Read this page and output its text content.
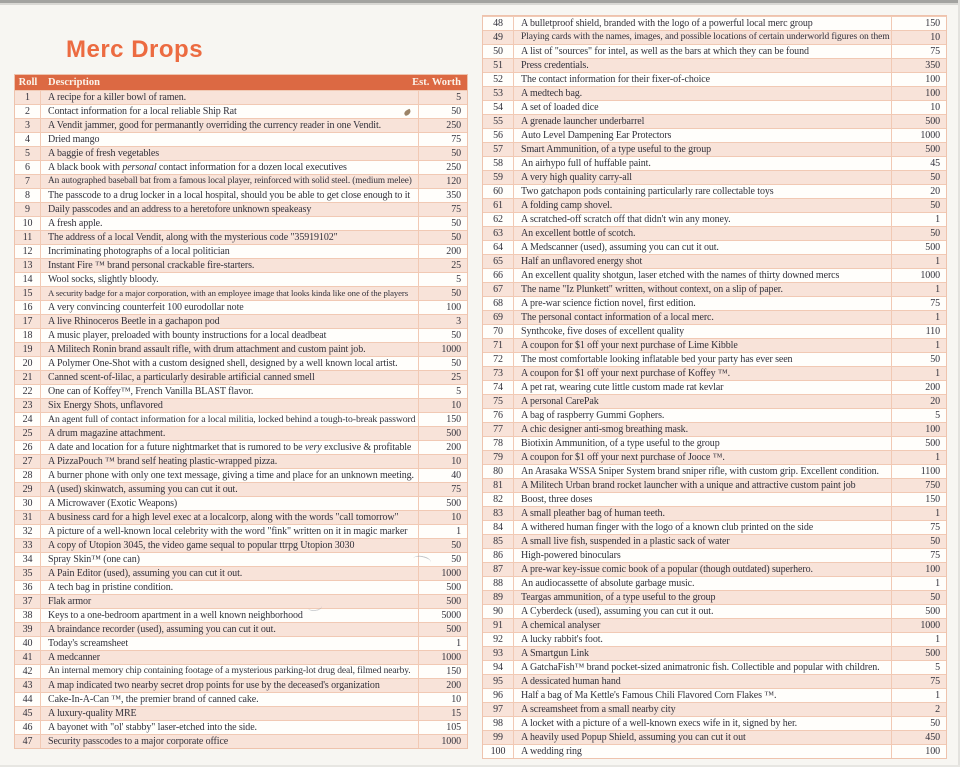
Merc Drops
Roll	Description	Est. Worth
1	A recipe for a killer bowl of ramen.	5
2	Contact information for a local reliable Ship Rat	50
3	A Vendit jammer, good for permanantly overriding the currency reader in one Vendit.	250
4	Dried mango	75
5	A baggie of fresh vegetables	50
6	A black book with personal contact information for a dozen local executives	250
7	An autographed baseball bat from a famous local player, reinforced with solid steel. (medium melee)	120
8	The passcode to a drug locker in a local hospital, should you be able to get close enough to it	350
9	Daily passcodes and an address to a heretofore unknown speakeasy	75
10	A fresh apple.	50
11	The address of a local Vendit, along with the mysterious code "35919102"	50
12	Incriminating photographs of a local politician	200
13	Instant Fire ™ brand personal crackable fire-starters.	25
14	Wool socks, slightly bloody.	5
15	A security badge for a major corporation, with an employee image that looks kinda like one of the players	50
16	A very convincing counterfeit 100 eurodollar note	100
17	A live Rhinoceros Beetle in a gachapon pod	3
18	A music player, preloaded with bounty instructions for a local deadbeat	50
19	A Militech Ronin brand assault rifle, with drum attachment and custom paint job.	1000
20	A Polymer One-Shot with a custom designed shell, designed by a well known local artist.	50
21	Canned scent-of-lilac, a particularly desirable artificial canned smell	25
22	One can of Koffey™, French Vanilla BLAST flavor.	5
23	Six Energy Shots, unflavored	10
24	An agent full of contact information for a local militia, locked behind a tough-to-break password	150
25	A drum magazine attachment.	500
26	A date and location for a future nightmarket that is rumored to be very exclusive & profitable	200
27	A PizzaPouch ™ brand self heating plastic-wrapped pizza.	10
28	A burner phone with only one text message, giving a time and place for an unknown meeting.	40
29	A (used) skinwatch, assuming you can cut it out.	75
30	A Microwaver (Exotic Weapons)	500
31	A business card for a high level exec at a localcorp, along with the words "call tomorrow"	10
32	A picture of a well-known local celebrity with the word "fink" written on it in magic marker	1
33	A copy of Utopion 3045, the video game sequal to popular ttrpg Utopion 3030	50
34	Spray Skin™ (one can)	50
35	A Pain Editor (used), assuming you can cut it out.	1000
36	A tech bag in pristine condition.	500
37	Flak armor	500
38	Keys to a one-bedroom apartment in a well known neighborhood	5000
39	A braindance recorder (used), assuming you can cut it out.	500
40	Today's screamsheet	1
41	A medcanner	1000
42	An internal memory chip containing footage of a mysterious parking-lot drug deal, filmed nearby.	150
43	A map indicated two nearby secret drop points for use by the deceased's organization	200
44	Cake-In-A-Can ™, the premier brand of canned cake.	10
45	A luxury-quality MRE	15
46	A bayonet with "ol' stabby" laser-etched into the side.	105
47	Security passcodes to a major corporate office	1000
48	A bulletproof shield, branded with the logo of a powerful local merc group	150
49	Playing cards with the names, images, and possible locations of certain underworld figures on them	10
50	A list of "sources" for intel, as well as the bars at which they can be found	75
51	Press credentials.	350
52	The contact information for their fixer-of-choice	100
53	A medtech bag.	100
54	A set of loaded dice	10
55	A grenade launcher underbarrel	500
56	Auto Level Dampening Ear Protectors	1000
57	Smart Ammunition, of a type useful to the group	500
58	An airhypo full of huffable paint.	45
59	A very high quality carry-all	50
60	Two gatchapon pods containing particularly rare collectable toys	20
61	A folding camp shovel.	50
62	A scratched-off scratch off that didn't win any money.	1
63	An excellent bottle of scotch.	50
64	A Medscanner (used), assuming you can cut it out.	500
65	Half an unflavored energy shot	1
66	An excellent quality shotgun, laser etched with the names of thirty downed mercs	1000
67	The name "Iz Plunkett" written, without context, on a slip of paper.	1
68	A pre-war science fiction novel, first edition.	75
69	The personal contact information of a local merc.	1
70	Synthcoke, five doses of excellent quality	110
71	A coupon for $1 off your next purchase of Lime Kibble	1
72	The most comfortable looking inflatable bed your party has ever seen	50
73	A coupon for $1 off your next purchase of Koffey ™.	1
74	A pet rat, wearing cute little custom made rat kevlar	200
75	A personal CarePak	20
76	A bag of raspberry Gummi Gophers.	5
77	A chic designer anti-smog breathing mask.	100
78	Biotixin Ammunition, of a type useful to the group	500
79	A coupon for $1 off your next purchase of Jooce ™.	1
80	An Arasaka WSSA Sniper System brand sniper rifle, with custom grip. Excellent condition.	1100
81	A Militech Urban brand rocket launcher with a unique and attractive custom paint job	750
82	Boost, three doses	150
83	A small pleather bag of human teeth.	1
84	A withered human finger with the logo of a known club printed on the side	75
85	A small live fish, suspended in a plastic sack of water	50
86	High-powered binoculars	75
87	A pre-war key-issue comic book of a popular (though outdated) superhero.	100
88	An audiocassette of absolute garbage music.	1
89	Teargas ammunition, of a type useful to the group	50
90	A Cyberdeck (used), assuming you can cut it out.	500
91	A chemical analyser	1000
92	A lucky rabbit's foot.	1
93	A Smartgun Link	500
94	A GatchaFish™ brand pocket-sized animatronic fish. Collectible and popular with children.	5
95	A dessicated human hand	75
96	Half a bag of Ma Kettle's Famous Chili Flavored Corn Flakes ™.	1
97	A screamsheet from a small nearby city	2
98	A locket with a picture of a well-known execs wife in it, signed by her.	50
99	A heavily used Popup Shield, assuming you can cut it out	450
100	A wedding ring	100
